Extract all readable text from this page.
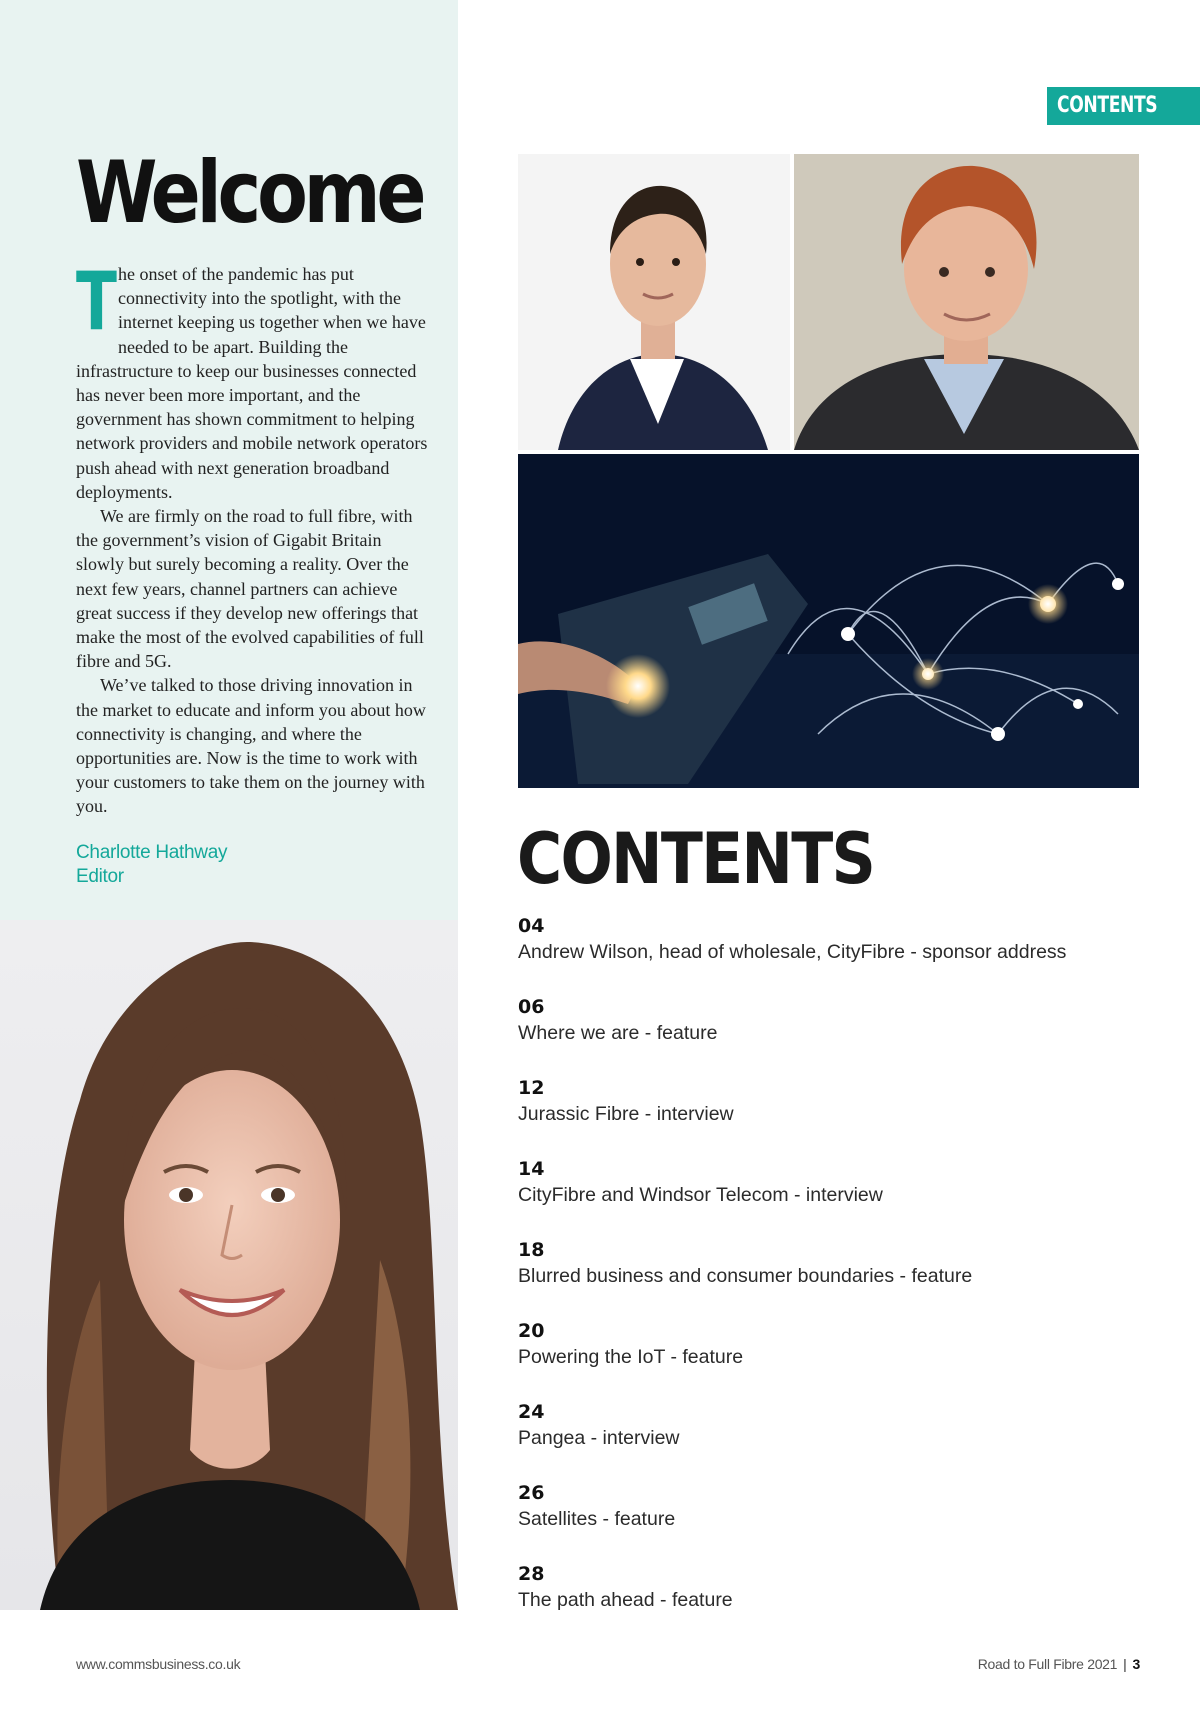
Welcome

The onset of the pandemic has put connectivity into the spotlight, with the internet keeping us together when we have needed to be apart. Building the infrastructure to keep our businesses connected has never been more important, and the government has shown commitment to helping network providers and mobile network operators push ahead with next generation broadband deployments.

We are firmly on the road to full fibre, with the government’s vision of Gigabit Britain slowly but surely becoming a reality. Over the next few years, channel partners can achieve great success if they develop new offerings that make the most of the evolved capabilities of full fibre and 5G.

We’ve talked to those driving innovation in the market to educate and inform you about how connectivity is changing, and where the opportunities are. Now is the time to work with your customers to take them on the journey with you.

Charlotte Hathway
Editor
CONTENTS
CONTENTS
04
Andrew Wilson, head of wholesale, CityFibre - sponsor address
06
Where we are - feature
12
Jurassic Fibre - interview
14
CityFibre and Windsor Telecom - interview
18
Blurred business and consumer boundaries - feature
20
Powering the IoT - feature
24
Pangea - interview
26
Satellites - feature
28
The path ahead - feature
www.commsbusiness.co.uk	Road to Full Fibre 2021 | 3
